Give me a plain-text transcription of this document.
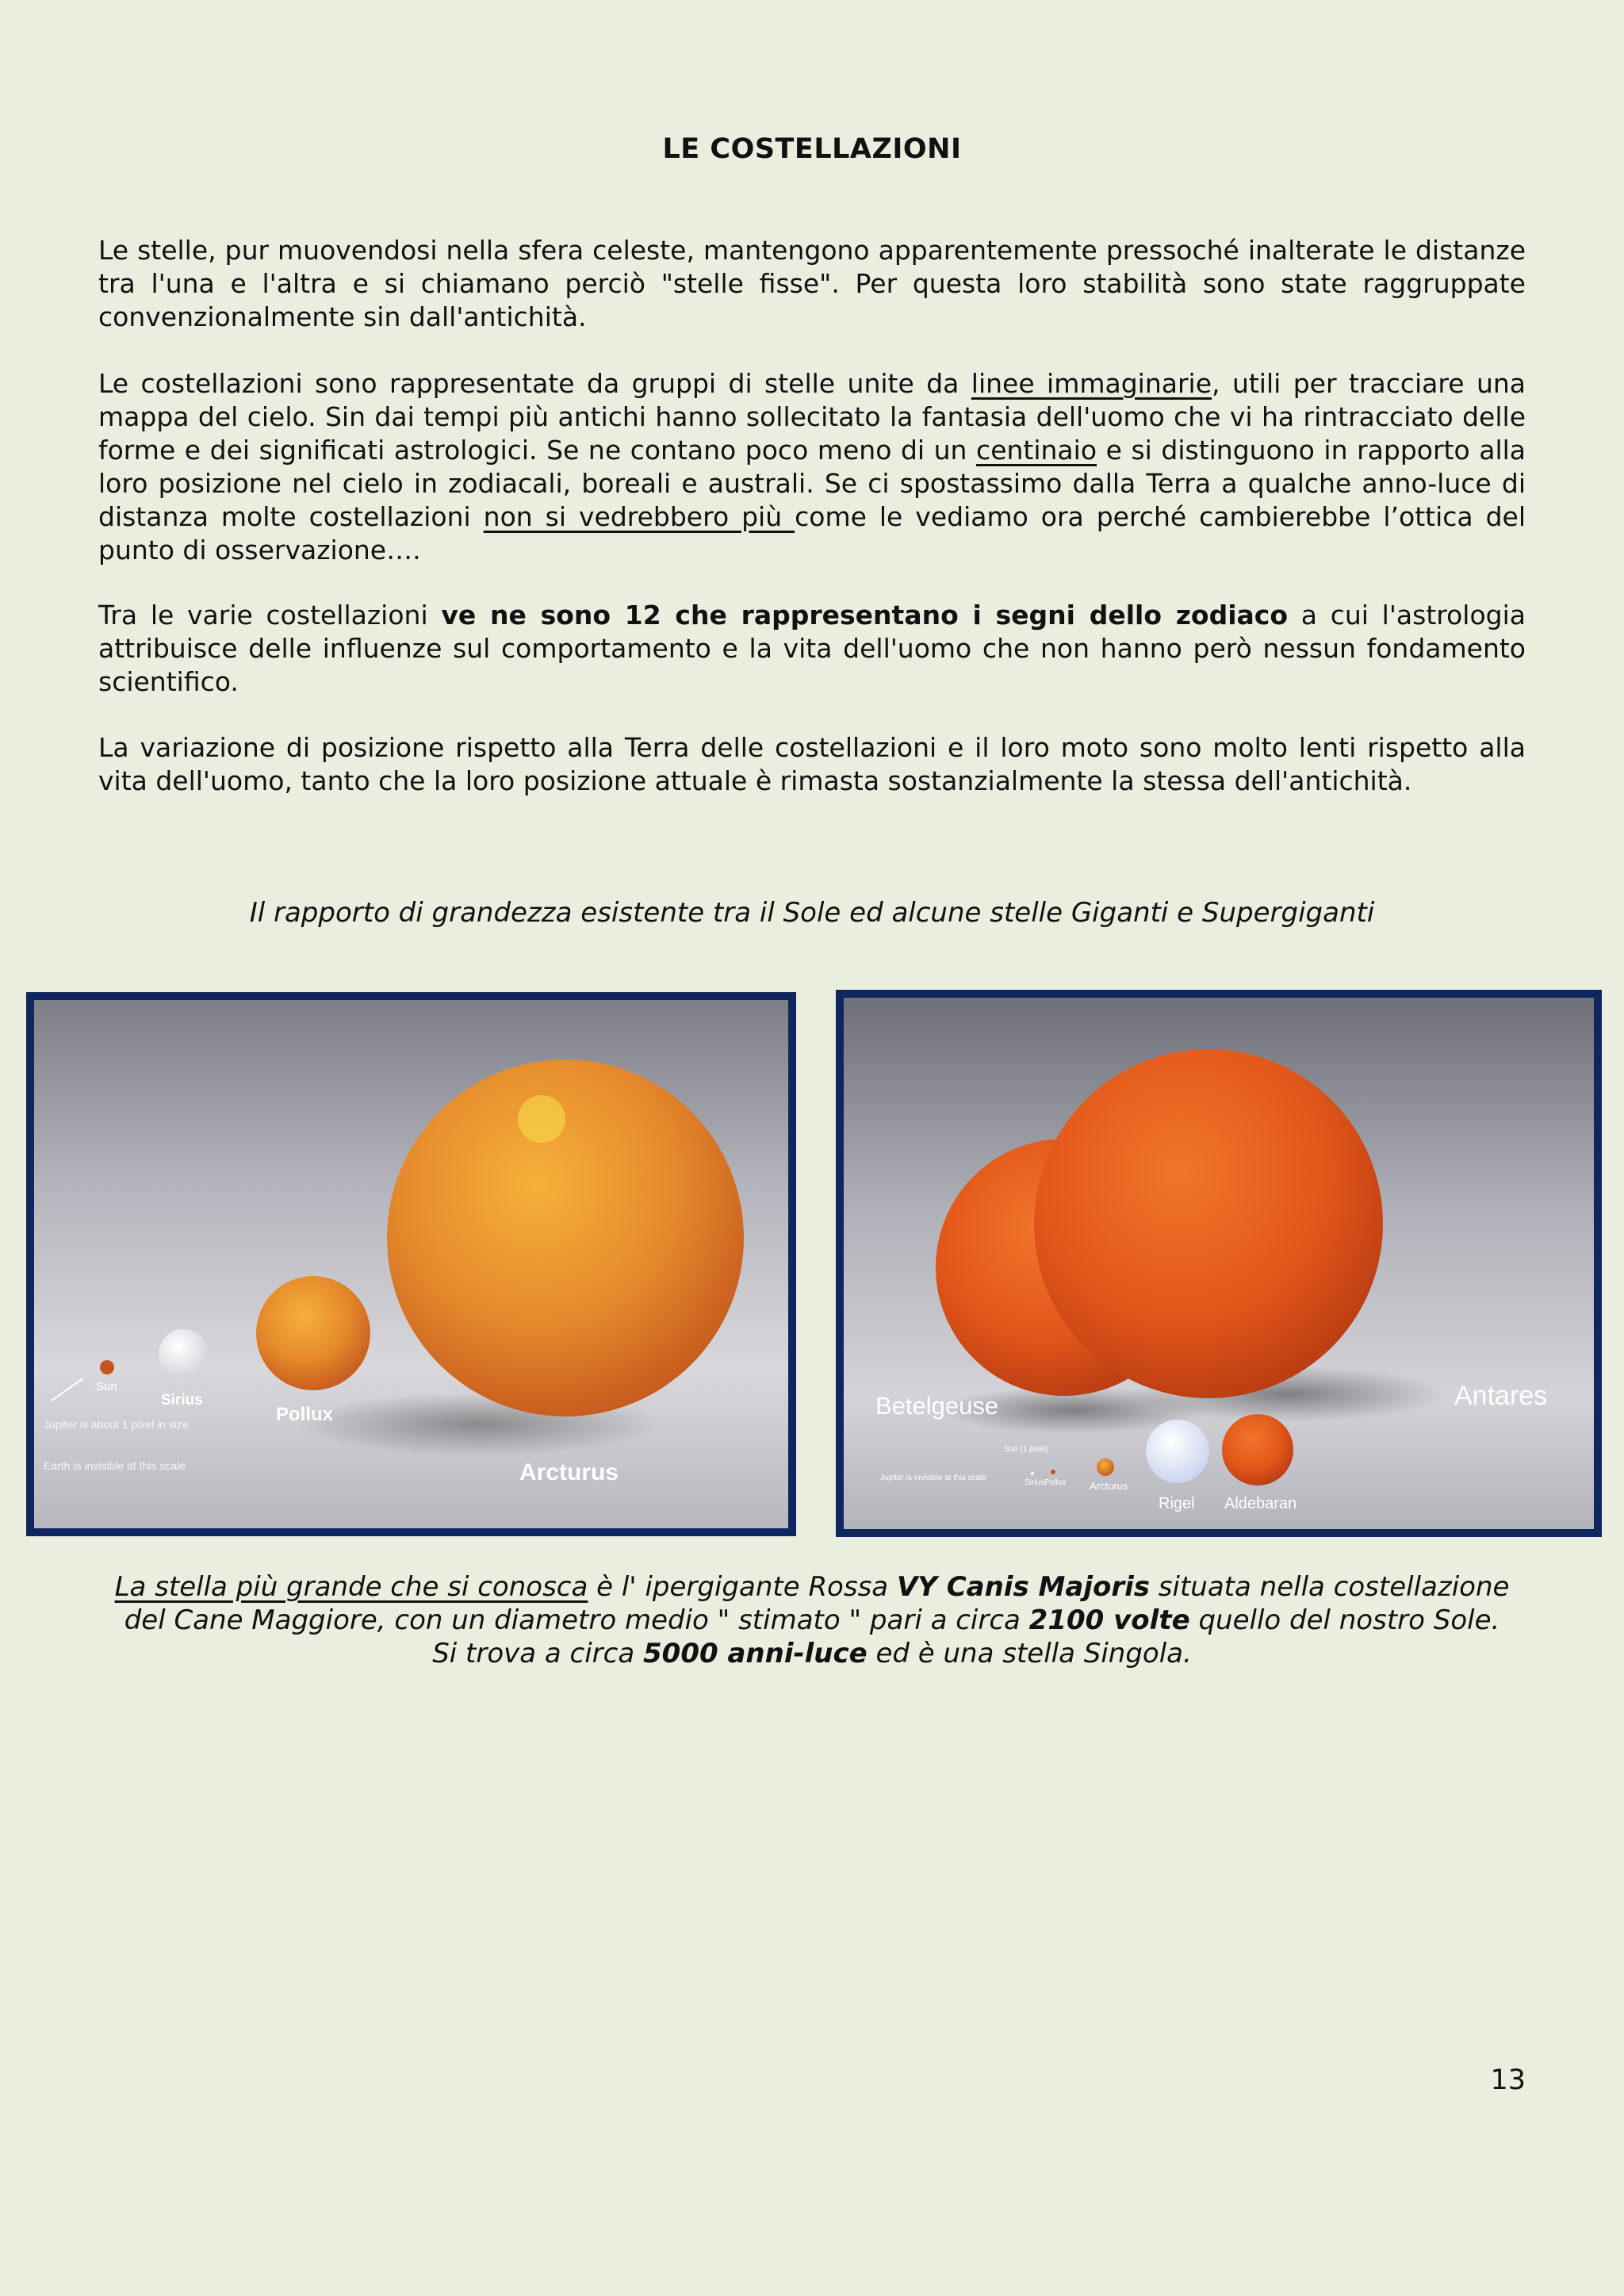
LE COSTELLAZIONI

Le stelle, pur muovendosi nella sfera celeste, mantengono apparentemente pressoché inalterate le distanze tra l'una e l'altra e si chiamano perciò "stelle fisse". Per questa loro stabilità sono state raggruppate convenzionalmente sin dall'antichità.

Le costellazioni sono rappresentate da gruppi di stelle unite da linee immaginarie, utili per tracciare una mappa del cielo. Sin dai tempi più antichi hanno sollecitato la fantasia dell'uomo che vi ha rintracciato delle forme e dei significati astrologici. Se ne contano poco meno di un centinaio e si distinguono in rapporto alla loro posizione nel cielo in zodiacali, boreali e australi. Se ci spostassimo dalla Terra a qualche anno-luce di distanza molte costellazioni non si vedrebbero più come le vediamo ora perché cambierebbe l’ottica del punto di osservazione….

Tra le varie costellazioni ve ne sono 12 che rappresentano i segni dello zodiaco a cui l'astrologia attribuisce delle influenze sul comportamento e la vita dell'uomo che non hanno però nessun fondamento scientifico.

La variazione di posizione rispetto alla Terra delle costellazioni e il loro moto sono molto lenti rispetto alla vita dell'uomo, tanto che la loro posizione attuale è rimasta sostanzialmente la stessa dell'antichità.

Il rapporto di grandezza esistente tra il Sole ed alcune stelle Giganti e Supergiganti
Sun
Sirius
Pollux
Arcturus
Jupiter is about 1 pixel in size
Earth is invisible at this scale
Betelgeuse	Antares
Sun (1 pixel)
Jupiter is invisible at this scale
Sirius Pollux Arcturus
Rigel Aldebaran
La stella più grande che si conosca è l' ipergigante Rossa VY Canis Majoris situata nella costellazione
del Cane Maggiore, con un diametro medio " stimato " pari a circa 2100 volte quello del nostro Sole.
Si trova a circa 5000 anni-luce ed è una stella Singola.
13
